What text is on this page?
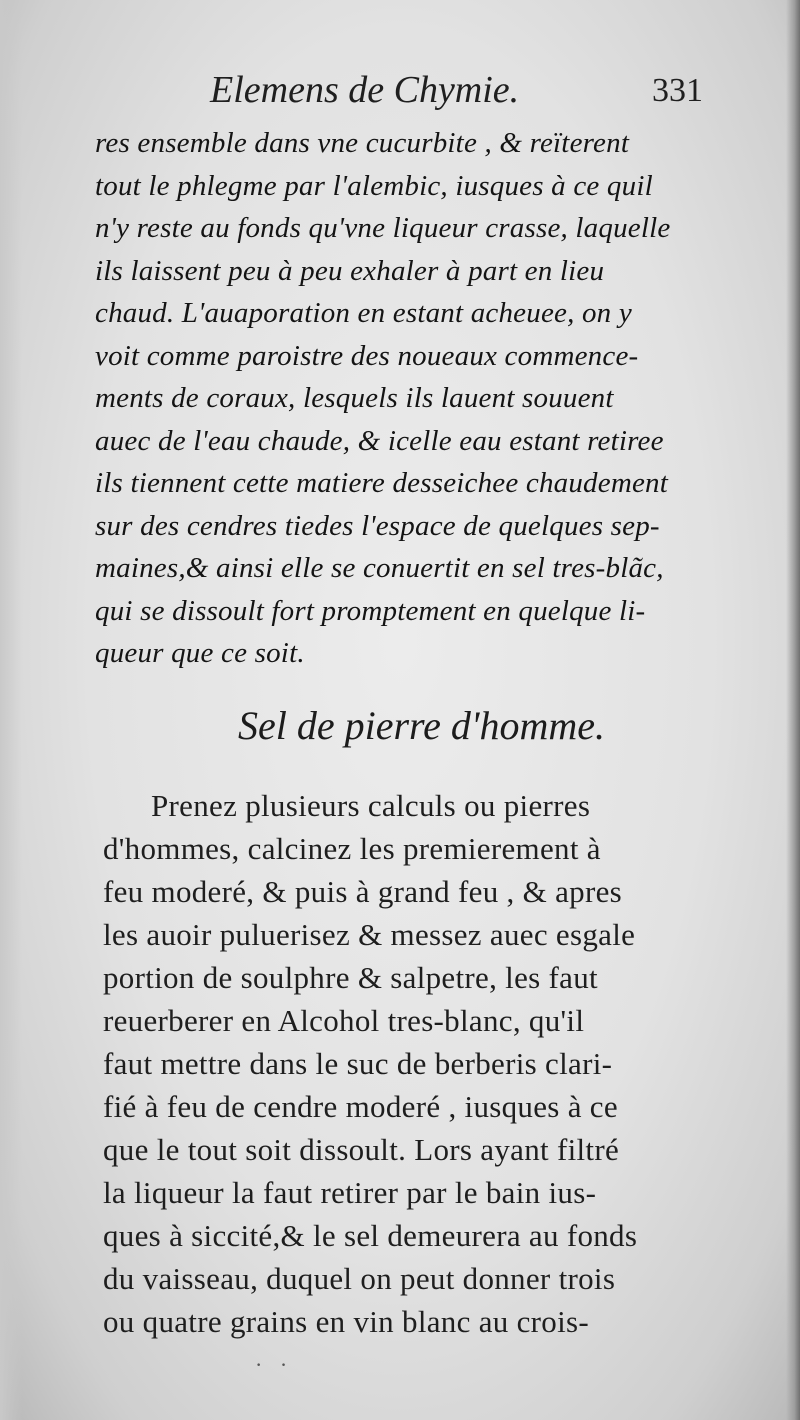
Elemens de Chymie.	331
res ensemble dans vne cucurbite , & reïterent
tout le phlegme par l'alembic, iusques à ce quil
n'y reste au fonds qu'vne liqueur crasse, laquelle
ils laissent peu à peu exhaler à part en lieu
chaud. L'auaporation en estant acheuee, on y
voit comme paroistre des noueaux commence-
ments de coraux, lesquels ils lauent souuent
auec de l'eau chaude, & icelle eau estant retiree
ils tiennent cette matiere desseichee chaudement
sur des cendres tiedes l'espace de quelques sep-
maines,& ainsi elle se conuertit en sel tres-blãc,
qui se dissoult fort promptement en quelque li-
queur que ce soit.
Sel de pierre d'homme.
Prenez plusieurs calculs ou pierres
d'hommes, calcinez les premierement à
feu moderé, & puis à grand feu , & apres
les auoir puluerisez & messez auec esgale
portion de soulphre & salpetre, les faut
reuerberer en Alcohol tres-blanc, qu'il
faut mettre dans le suc de berberis clari-
fié à feu de cendre moderé , iusques à ce
que le tout soit dissoult. Lors ayant filtré
la liqueur la faut retirer par le bain ius-
ques à siccité,& le sel demeurera au fonds
du vaisseau, duquel on peut donner trois
ou quatre grains en vin blanc au crois-
· ·
